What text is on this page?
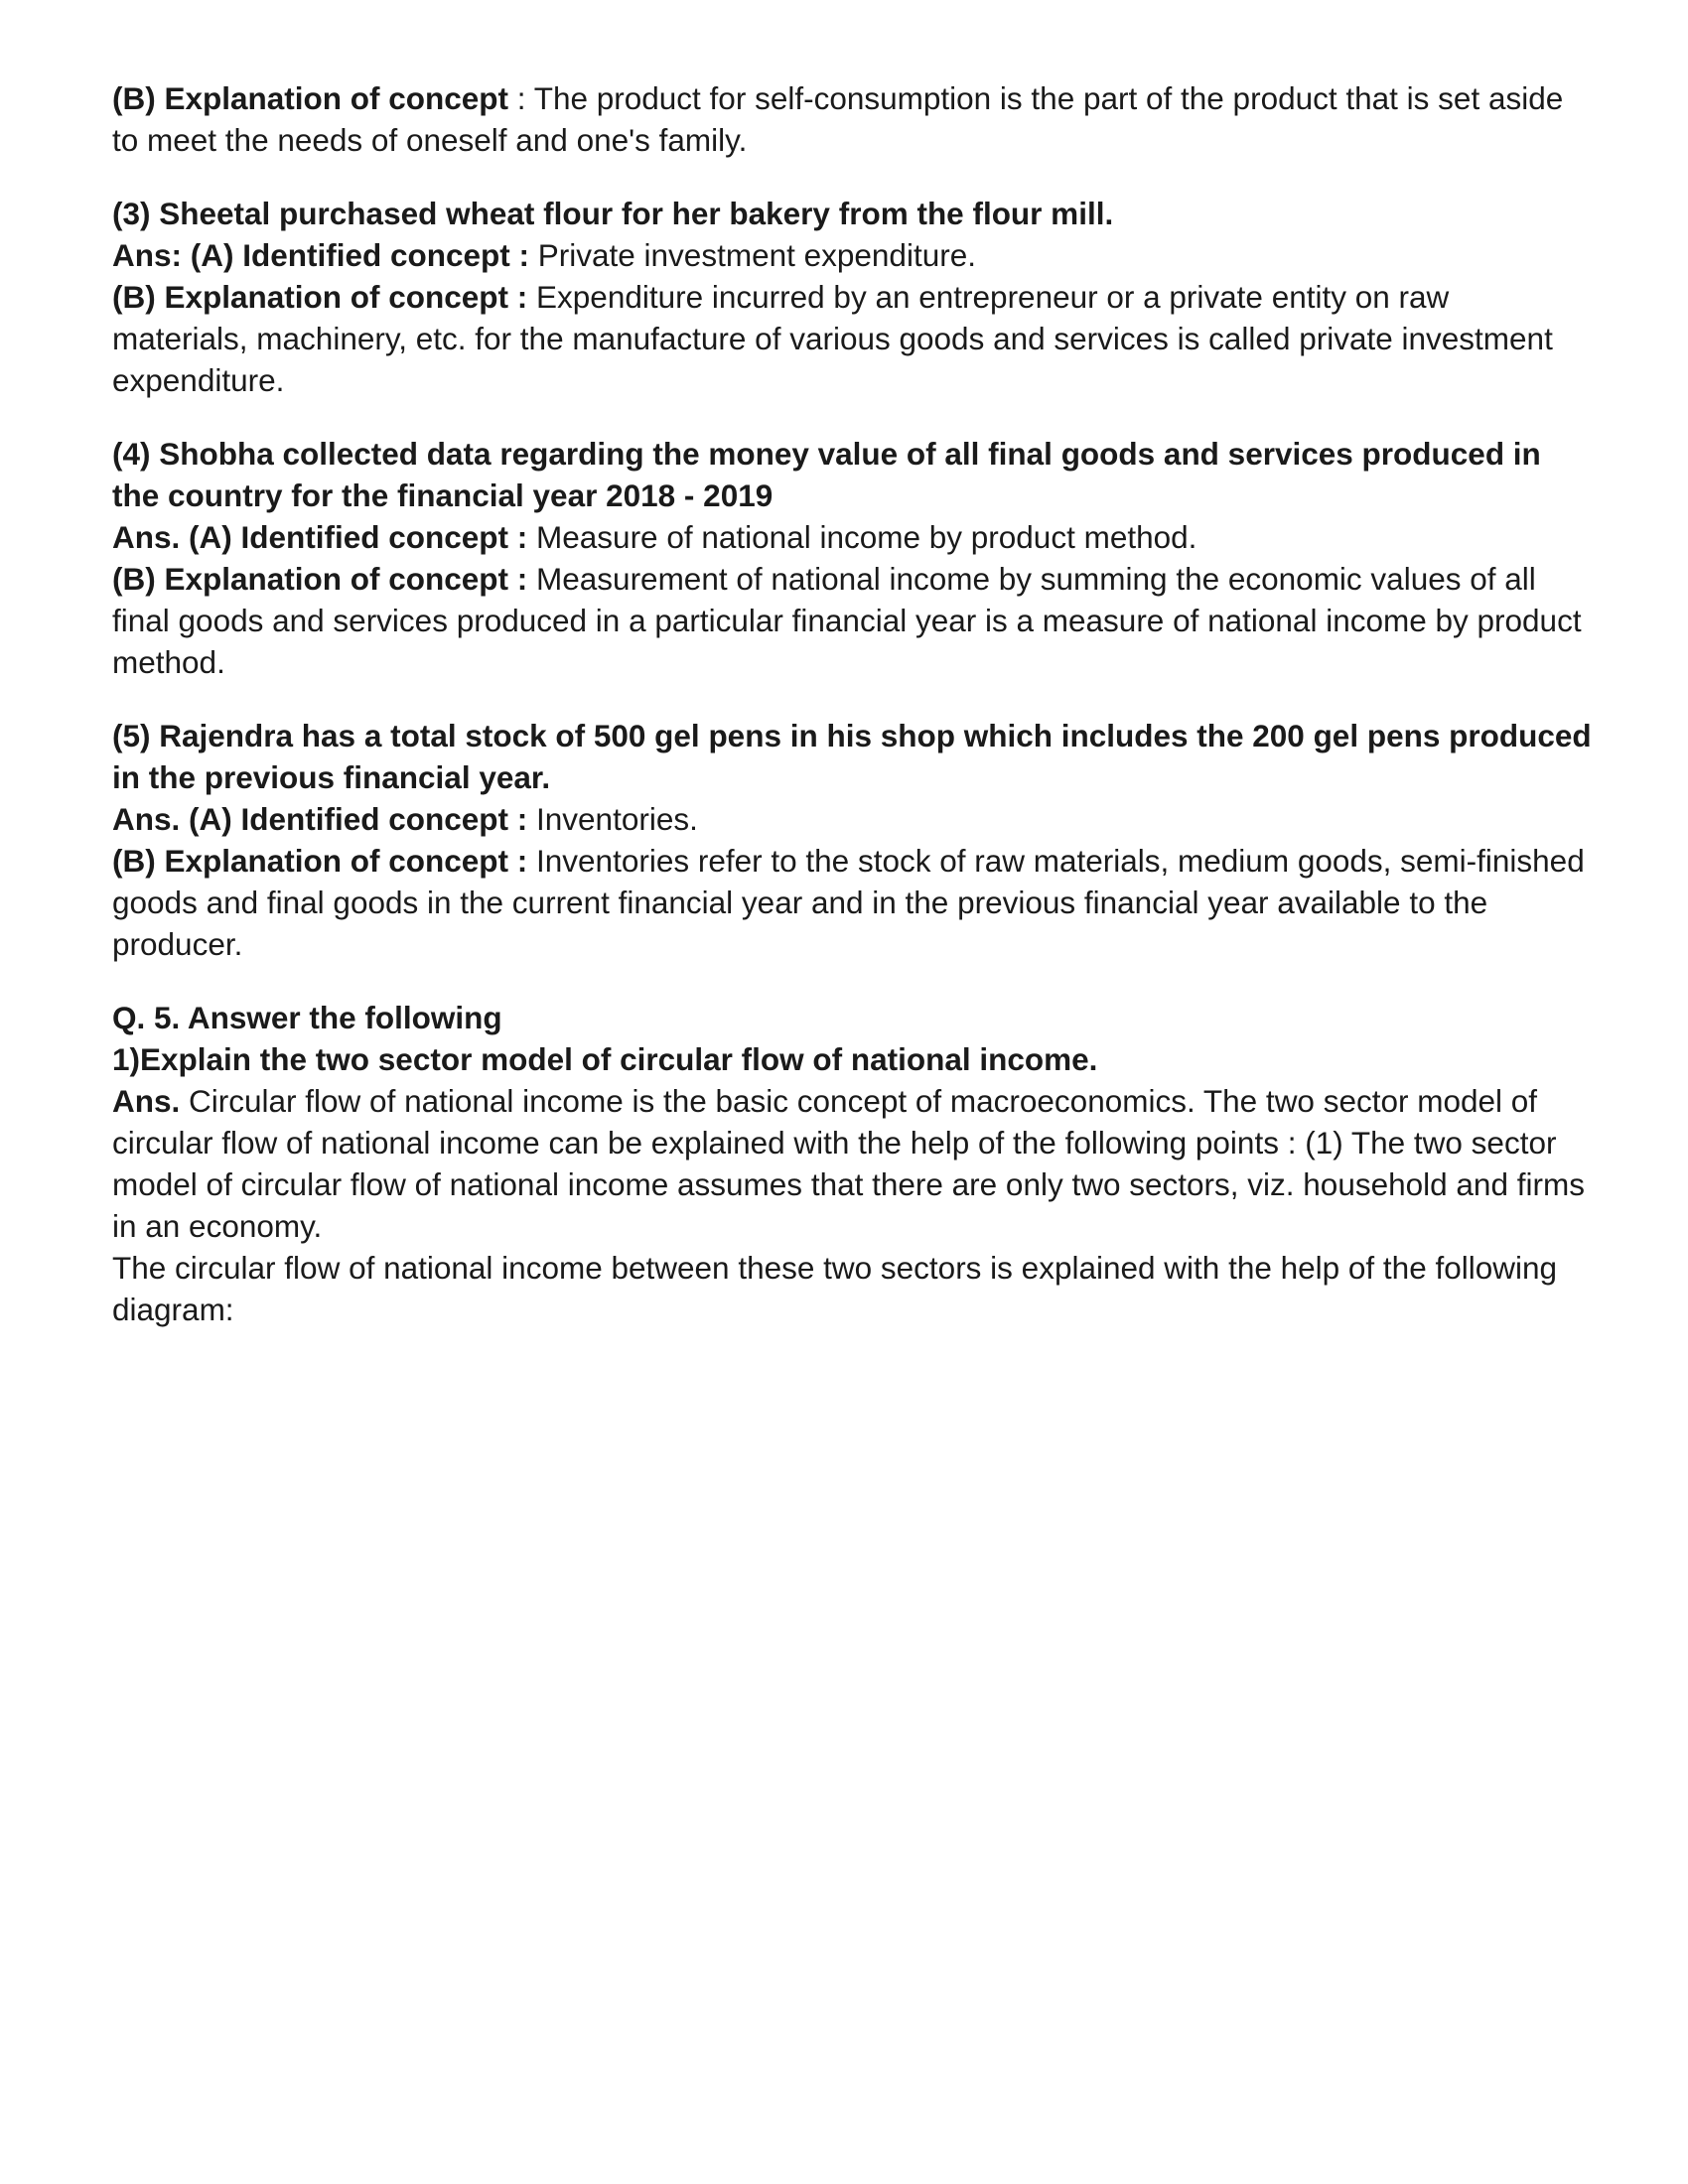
(B) Explanation of concept : The product for self-consumption is the part of the product that is set aside to meet the needs of oneself and one's family.
(3) Sheetal purchased wheat flour for her bakery from the flour mill.
Ans: (A) Identified concept : Private investment expenditure.
(B) Explanation of concept : Expenditure incurred by an entrepreneur or a private entity on raw materials, machinery, etc. for the manufacture of various goods and services is called private investment expenditure.
(4) Shobha collected data regarding the money value of all final goods and services produced in the country for the financial year 2018 - 2019
Ans. (A) Identified concept : Measure of national income by product method.
(B) Explanation of concept : Measurement of national income by summing the economic values of all final goods and services produced in a particular financial year is a measure of national income by product method.
(5) Rajendra has a total stock of 500 gel pens in his shop which includes the 200 gel pens produced in the previous financial year.
Ans. (A) Identified concept : Inventories.
(B) Explanation of concept : Inventories refer to the stock of raw materials, medium goods, semi-finished goods and final goods in the current financial year and in the previous financial year available to the producer.
Q. 5. Answer the following
1)Explain the two sector model of circular flow of national income.
Ans. Circular flow of national income is the basic concept of macroeconomics. The two sector model of circular flow of national income can be explained with the help of the following points : (1) The two sector model of circular flow of national income assumes that there are only two sectors, viz. household and firms in an economy.
The circular flow of national income between these two sectors is explained with the help of the following diagram:
